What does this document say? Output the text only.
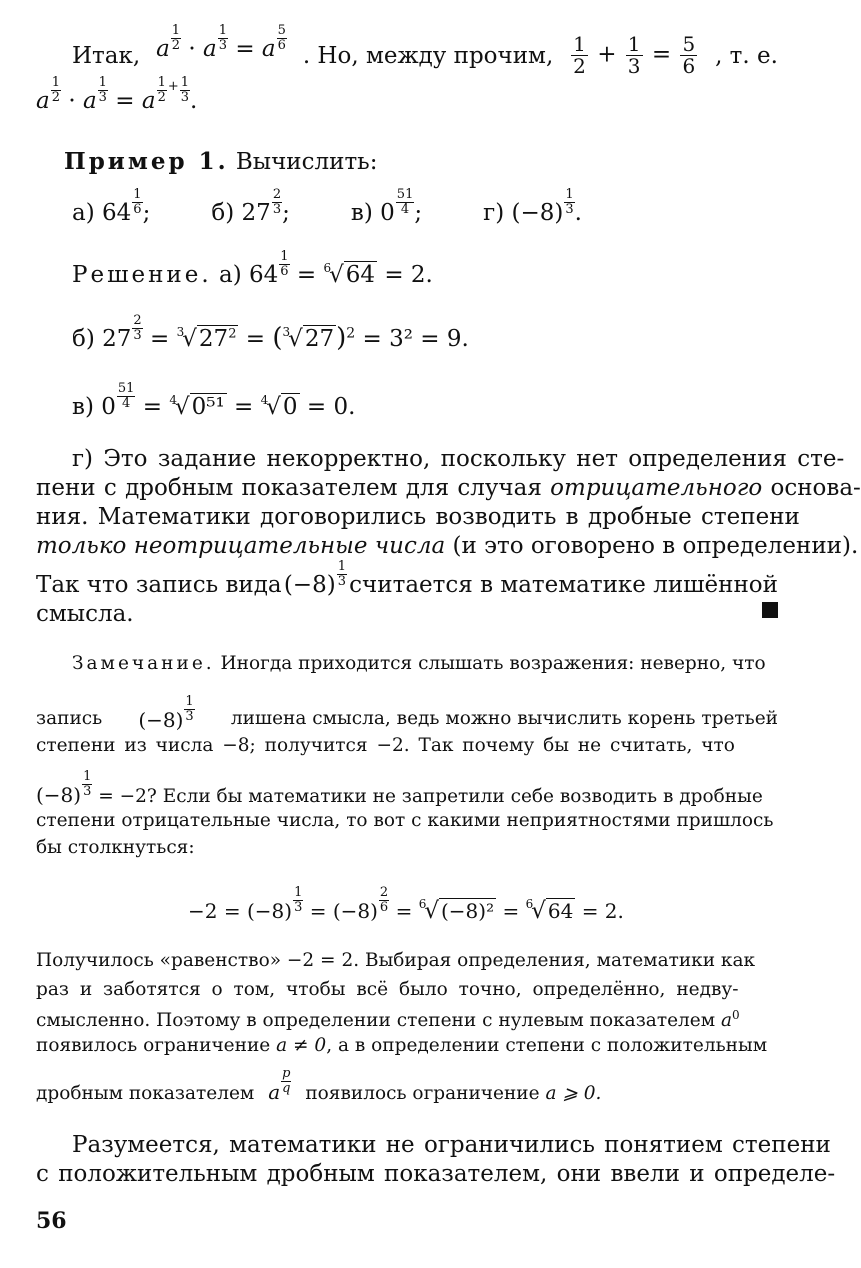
Итак, a $\frac{1}{2} \cdot a \frac{1}{3} = a \frac{5}{6}$
. Но, между прочим, $\frac{1}{2} + \frac{1}{3} = \frac{5}{6}$ , т. е.
a $\frac{1}{2} \cdot a \frac{1}{3} = a \frac{1}{2} + \frac{1}{3}$ .
Пример 1. Вычислить:
а) $64 \frac{1}{6}$ ;	б) $27 \frac{2}{3}$ ;	в) $0 \frac{51}{4}$ ;	г) $(-8) \frac{1}{3}$ .
Решение. а) $64 \frac{1}{6} = ^6√64 = 2$.
б) $27 \frac{2}{3} = ^3√27^2 = (^3√27)^2 = 3^2 = 9$.
в) $0 \frac{51}{4} = ^4√0^{51} = ^4√0 = 0$.
г) Это задание некорректно, поскольку нет определения сте-
пени с дробным показателем для случая отрицательного основа-
ния. Математики договорились возводить в дробные степени
только неотрицательные числа (и это оговорено в определении).
Так что запись вида $(-8) \frac{1}{3}$ считается в математике лишённой
смысла.
Замечание. Иногда приходится слышать возражения: неверно, что
запись $(-8) \frac{1}{3}$ лишена смысла, ведь можно вычислить корень третьей
степени из числа −8; получится −2. Так почему бы не считать, что
$(-8) \frac{1}{3} = -2$? Если бы математики не запретили себе возводить в дробные
степени отрицательные числа, то вот с какими неприятностями пришлось
бы столкнуться:
$-2 = (-8) \frac{1}{3} = (-8) \frac{2}{6} = ^6√$ (−8)² = $^6$√ 64 = 2.
Получилось «равенство» −2 = 2. Выбирая определения, математики как
раз и заботятся о том, чтобы всё было точно, определённо, недву-
смысленно. Поэтому в определении степени с нулевым показателем $a^0$
появилось ограничение a ≠ 0, а в определении степени с положительным
дробным показателем a $\frac{p}{q}$ появилось ограничение a ⩾ 0.
Разумеется, математики не ограничились понятием степени
с положительным дробным показателем, они ввели и определе-
56
